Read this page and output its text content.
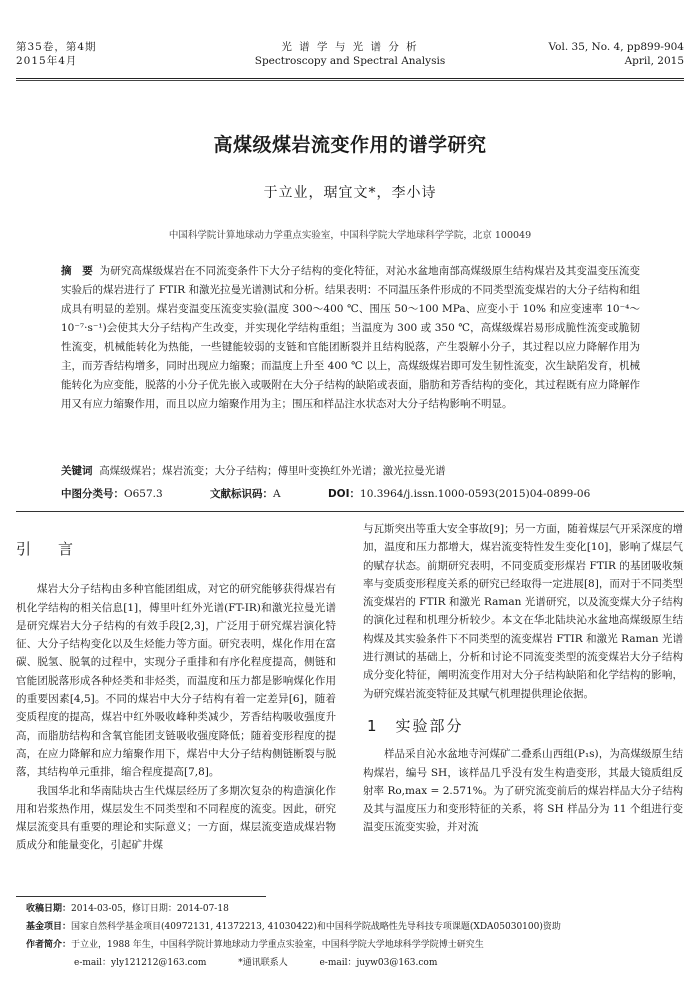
第35卷，第4期
2015年4月
光 谱 学 与 光 谱 分 析
Spectroscopy and Spectral Analysis
Vol. 35, No. 4, pp899-904
April, 2015
高煤级煤岩流变作用的谱学研究
于立业，琚宜文*，李小诗
中国科学院计算地球动力学重点实验室，中国科学院大学地球科学学院，北京 100049
摘　要 为研究高煤级煤岩在不同流变条件下大分子结构的变化特征，对沁水盆地南部高煤级原生结构煤岩及其变温变压流变实验后的煤岩进行了 FTIR 和激光拉曼光谱测试和分析。结果表明：不同温压条件形成的不同类型流变煤岩的大分子结构和组成具有明显的差别。煤岩变温变压流变实验(温度 300～400 ℃、围压 50～100 MPa、应变小于 10% 和应变速率 10⁻⁴～10⁻⁷·s⁻¹)会使其大分子结构产生改变，并实现化学结构重组；当温度为 300 或 350 ℃，高煤级煤岩易形成脆性流变或脆韧性流变，机械能转化为热能，一些键能较弱的支链和官能团断裂并且结构脱落，产生裂解小分子，其过程以应力降解作用为主，而芳香结构增多，同时出现应力缩聚；而温度上升至 400 ℃ 以上，高煤级煤岩即可发生韧性流变，次生缺陷发育，机械能转化为应变能，脱落的小分子优先嵌入或吸附在大分子结构的缺陷或表面，脂肪和芳香结构的变化，其过程既有应力降解作用又有应力缩聚作用，而且以应力缩聚作用为主；围压和样品注水状态对大分子结构影响不明显。
关键词 高煤级煤岩；煤岩流变；大分子结构；傅里叶变换红外光谱；激光拉曼光谱
中图分类号：O657.3	文献标识码：A	DOI：10.3964/j.issn.1000-0593(2015)04-0899-06
引　言

煤岩大分子结构由多种官能团组成，对它的研究能够获得煤岩有机化学结构的相关信息[1]，傅里叶红外光谱(FT-IR)和激光拉曼光谱是研究煤岩大分子结构的有效手段[2,3]，广泛用于研究煤岩演化特征、大分子结构变化以及生烃能力等方面。研究表明，煤化作用在富碳、脱氢、脱氧的过程中，实现分子重排和有序化程度提高，侧链和官能团脱落形成各种烃类和非烃类，而温度和压力都是影响煤化作用的重要因素[4,5]。不同的煤岩中大分子结构有着一定差异[6]，随着变质程度的提高，煤岩中红外吸收峰种类减少，芳香结构吸收强度升高，而脂肪结构和含氧官能团支链吸收强度降低；随着变形程度的提高，在应力降解和应力缩聚作用下，煤岩中大分子结构侧链断裂与脱落，其结构单元重排，缩合程度提高[7,8]。

我国华北和华南陆块古生代煤层经历了多期次复杂的构造演化作用和岩浆热作用，煤层发生不同类型和不同程度的流变。因此，研究煤层流变具有重要的理论和实际意义；一方面，煤层流变造成煤岩物质成分和能量变化，引起矿井煤

与瓦斯突出等重大安全事故[9]；另一方面，随着煤层气开采深度的增加，温度和压力都增大，煤岩流变特性发生变化[10]，影响了煤层气的赋存状态。前期研究表明，不同变质变形煤岩 FTIR 的基团吸收频率与变质变形程度关系的研究已经取得一定进展[8]，而对于不同类型流变煤岩的 FTIR 和激光 Raman 光谱研究，以及流变煤大分子结构的演化过程和机理分析较少。本文在华北陆块沁水盆地高煤级原生结构煤及其实验条件下不同类型的流变煤岩 FTIR 和激光 Raman 光谱进行测试的基础上，分析和讨论不同流变类型的流变煤岩大分子结构成分变化特征，阐明流变作用对大分子结构缺陷和化学结构的影响，为研究煤岩流变特征及其赋气机理提供理论依据。

1　实验部分

样品采自沁水盆地寺河煤矿二叠系山西组(P₁s)，为高煤级原生结构煤岩，编号 SH，该样品几乎没有发生构造变形，其最大镜质组反射率 Ro,max = 2.571%。为了研究流变前后的煤岩样品大分子结构及其与温度压力和变形特征的关系，将 SH 样品分为 11 个组进行变温变压流变实验，并对流

收稿日期：2014-03-05，修订日期：2014-07-18
基金项目：国家自然科学基金项目(40972131, 41372213, 41030422)和中国科学院战略性先导科技专项课题(XDA05030100)资助
作者简介：于立业，1988 年生，中国科学院计算地球动力学重点实验室，中国科学院大学地球科学学院博士研究生
e-mail：yly121212@163.com	*通讯联系人	e-mail：juyw03@163.com
